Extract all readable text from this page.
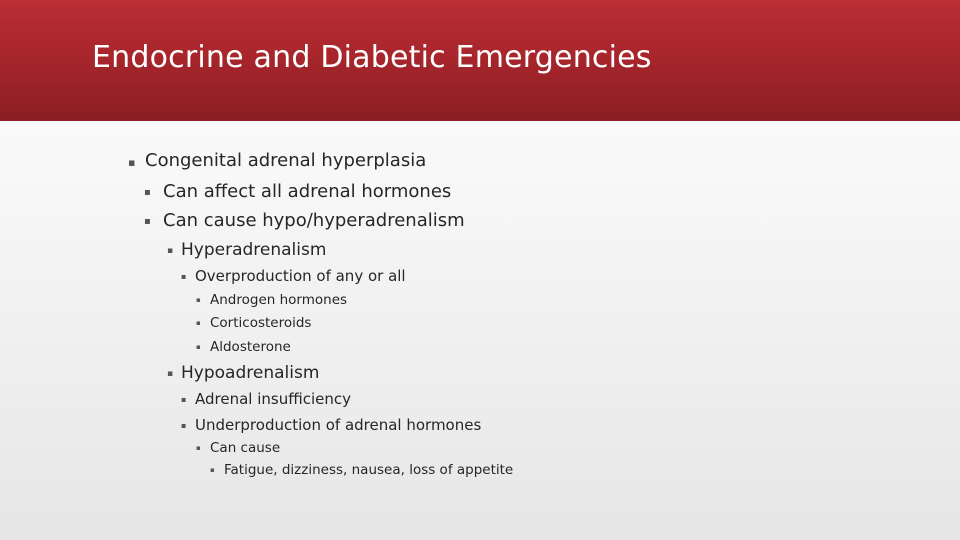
Endocrine and Diabetic Emergencies
▪ Congenital adrenal hyperplasia
▪ Can affect all adrenal hormones
▪ Can cause hypo/hyperadrenalism
▪ Hyperadrenalism
▪ Overproduction of any or all
▪ Androgen hormones
▪ Corticosteroids
▪ Aldosterone
▪ Hypoadrenalism
▪ Adrenal insufficiency
▪ Underproduction of adrenal hormones
▪ Can cause
▪ Fatigue, dizziness, nausea, loss of appetite
